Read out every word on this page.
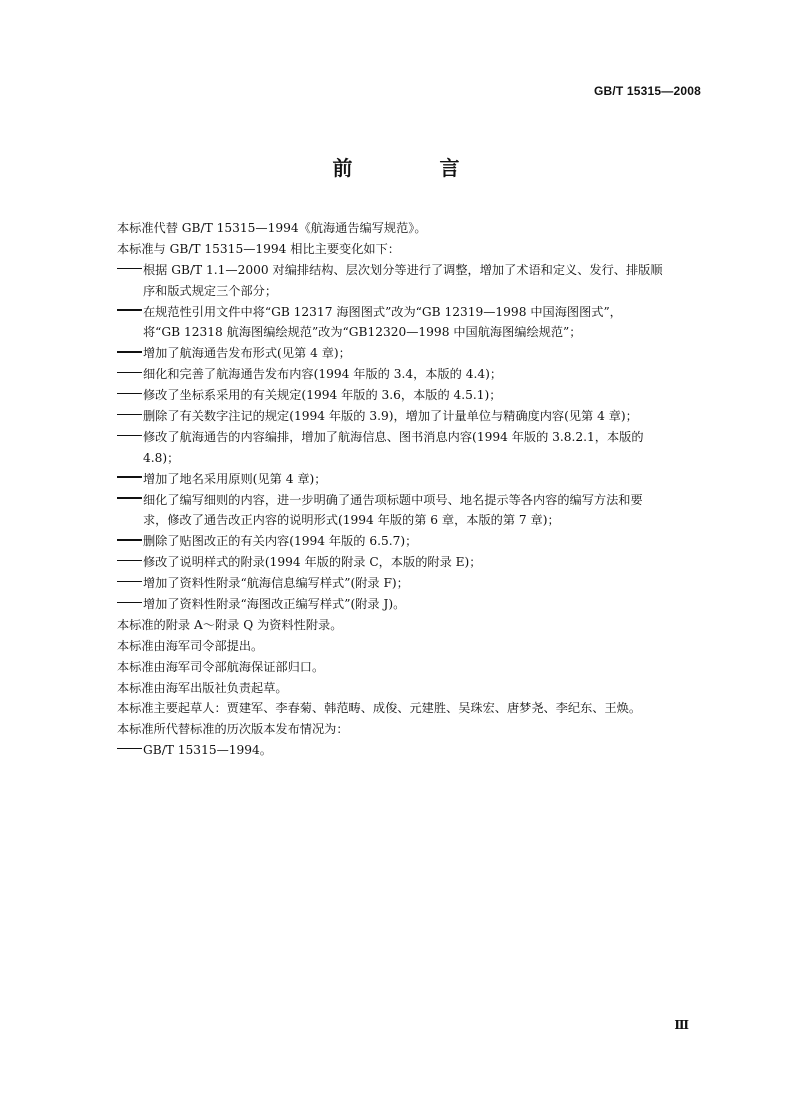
GB/T 15315—2008
前 言
本标准代替 GB/T 15315—1994《航海通告编写规范》。
本标准与 GB/T 15315—1994 相比主要变化如下：
根据 GB/T 1.1—2000 对编排结构、层次划分等进行了调整，增加了术语和定义、发行、排版顺
序和版式规定三个部分；
在规范性引用文件中将“GB 12317 海图图式”改为“GB 12319—1998 中国海图图式”，
将“GB 12318 航海图编绘规范”改为“GB12320—1998 中国航海图编绘规范”；
增加了航海通告发布形式(见第 4 章)；
细化和完善了航海通告发布内容(1994 年版的 3.4，本版的 4.4)；
修改了坐标系采用的有关规定(1994 年版的 3.6，本版的 4.5.1)；
删除了有关数字注记的规定(1994 年版的 3.9)，增加了计量单位与精确度内容(见第 4 章)；
修改了航海通告的内容编排，增加了航海信息、图书消息内容(1994 年版的 3.8.2.1，本版的
4.8)；
增加了地名采用原则(见第 4 章)；
细化了编写细则的内容，进一步明确了通告项标题中项号、地名提示等各内容的编写方法和要
求，修改了通告改正内容的说明形式(1994 年版的第 6 章，本版的第 7 章)；
删除了贴图改正的有关内容(1994 年版的 6.5.7)；
修改了说明样式的附录(1994 年版的附录 C，本版的附录 E)；
增加了资料性附录“航海信息编写样式”(附录 F)；
增加了资料性附录“海图改正编写样式”(附录 J)。
本标准的附录 A～附录 Q 为资料性附录。
本标准由海军司令部提出。
本标准由海军司令部航海保证部归口。
本标准由海军出版社负责起草。
本标准主要起草人：贾建军、李春菊、韩范畴、成俊、元建胜、吴珠宏、唐梦尧、李纪东、王焕。
本标准所代替标准的历次版本发布情况为：
GB/T 15315—1994。
Ⅲ
